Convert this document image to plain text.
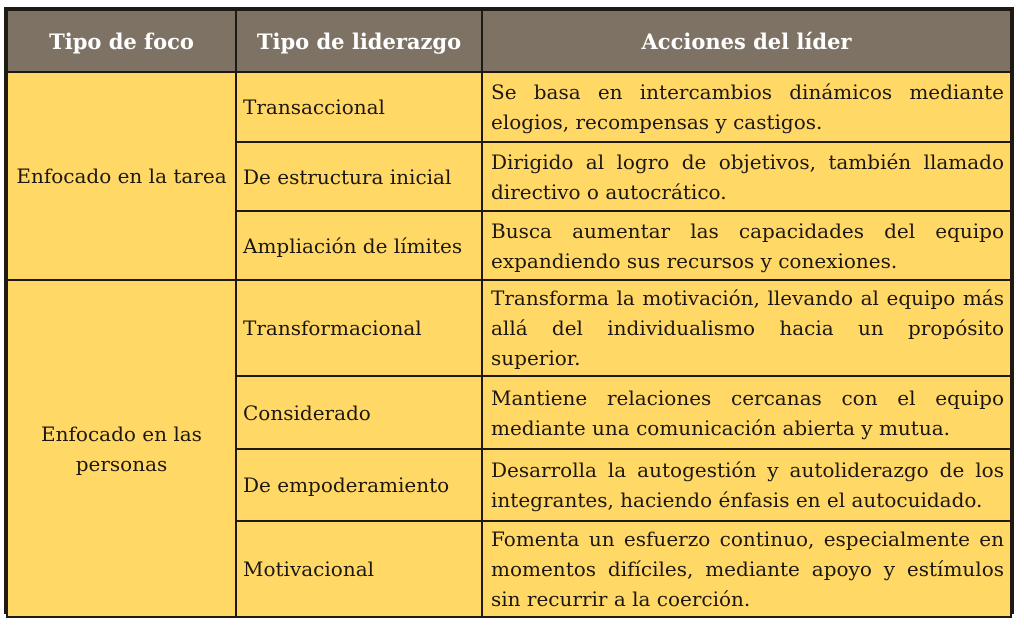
Tipo de foco	Tipo de liderazgo	Acciones del líder
Enfocado en la tarea	Transaccional	Se basa en intercambios dinámicos mediante elogios, recompensas y castigos.
	De estructura inicial	Dirigido al logro de objetivos, también llamado directivo o autocrático.
	Ampliación de límites	Busca aumentar las capacidades del equipo expandiendo sus recursos y conexiones.
Enfocado en las personas	Transformacional	Transforma la motivación, llevando al equipo más allá del individualismo hacia un propósito superior.
	Considerado	Mantiene relaciones cercanas con el equipo mediante una comunicación abierta y mutua.
	De empoderamiento	Desarrolla la autogestión y autoliderazgo de los integrantes, haciendo énfasis en el autocuidado.
	Motivacional	Fomenta un esfuerzo continuo, especialmente en momentos difíciles, mediante apoyo y estímulos sin recurrir a la coerción.
